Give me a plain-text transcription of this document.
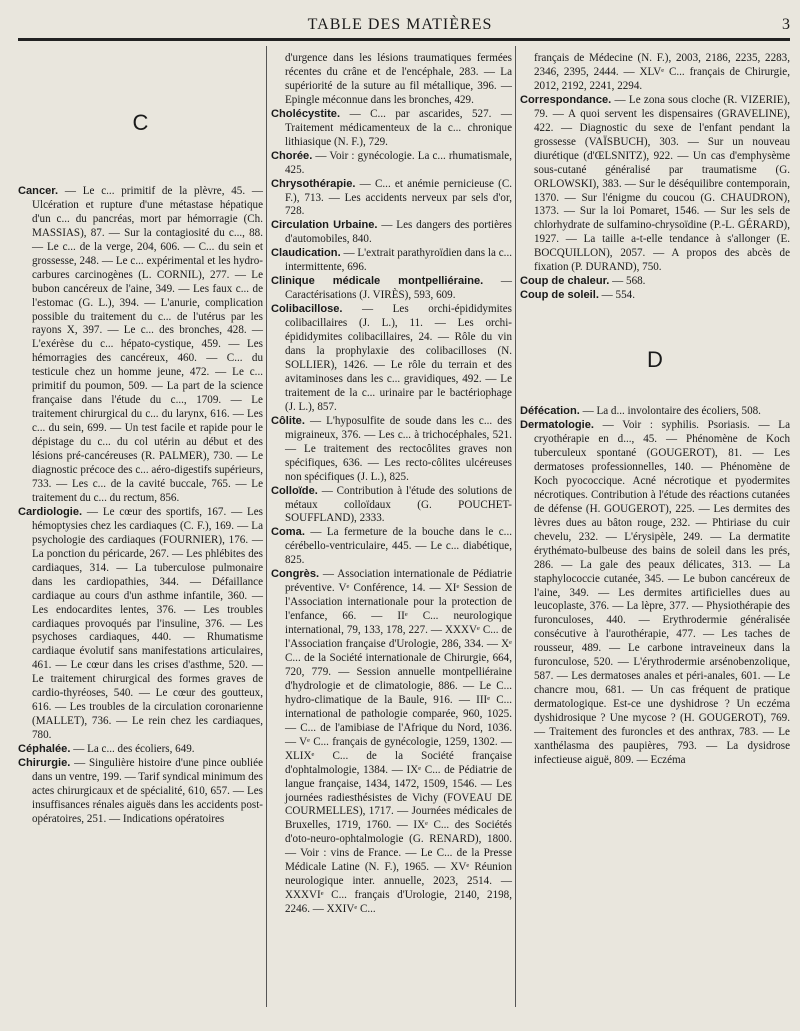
TABLE DES MATIÈRES	3
C

Cancer. — Le c... primitif de la plèvre, 45. — Ulcération et rupture d'une métastase hépatique d'un c... du pancréas, mort par hémorragie (Ch. MASSIAS), 87. — Sur la contagiosité du c..., 88. — Le c... de la verge, 204, 606. — C... du sein et grossesse, 248. — Le c... expérimental et les hydro-carbures carcinogènes (L. CORNIL), 277. — Le bubon cancéreux de l'aine, 349. — Les faux c... de l'estomac (G. L.), 394. — L'anurie, complication possible du traitement du c... de l'utérus par les rayons X, 397. — Le c... des bronches, 428. — L'exérèse du c... hépato-cystique, 459. — Les hémorragies des cancéreux, 460. — C... du testicule chez un homme jeune, 472. — Le c... primitif du poumon, 509. — La part de la science française dans l'étude du c..., 1709. — Le traitement chirurgical du c... du larynx, 616. — Les c... du sein, 699. — Un test facile et rapide pour le dépistage du c... du col utérin au début et des lésions pré-cancéreuses (R. PALMER), 730. — Le diagnostic précoce des c... aéro-digestifs supérieurs, 733. — Les c... de la cavité buccale, 765. — Le traitement du c... du rectum, 856.

Cardiologie. — Le cœur des sportifs, 167. — Les hémoptysies chez les cardiaques (C. F.), 169. — La psychologie des cardiaques (FOURNIER), 176. — La ponction du péricarde, 267. — Les phlébites des cardiaques, 314. — La tuberculose pulmonaire dans les cardiopathies, 344. — Défaillance cardiaque au cours d'un asthme infantile, 360. — Les endocardites lentes, 376. — Les troubles cardiaques provoqués par l'insuline, 376. — Les psychoses cardiaques, 440. — Rhumatisme cardiaque évolutif sans manifestations articulaires, 461. — Le cœur dans les crises d'asthme, 520. — Le traitement chirurgical des formes graves de cardio-thyréoses, 540. — Le cœur des goutteux, 616. — Les troubles de la circulation coronarienne (MALLET), 736. — Le rein chez les cardiaques, 780.

Céphalée. — La c... des écoliers, 649.

Chirurgie. — Singulière histoire d'une pince oubliée dans un ventre, 199. — Tarif syndical minimum des actes chirurgicaux et de spécialité, 610, 657. — Les insuffisances rénales aiguës dans les accidents post-opératoires, 251. — Indications opératoires

d'urgence dans les lésions traumatiques fermées récentes du crâne et de l'encéphale, 283. — La supériorité de la suture au fil métallique, 396. — Epingle méconnue dans les bronches, 429.

Cholécystite. — C... par ascarides, 527. — Traitement médicamenteux de la c... chronique lithiasique (N. F.), 729.

Chorée. — Voir : gynécologie. La c... rhumatismale, 425.

Chrysothérapie. — C... et anémie pernicieuse (C. F.), 713. — Les accidents nerveux par sels d'or, 728.

Circulation Urbaine. — Les dangers des portières d'automobiles, 840.

Claudication. — L'extrait parathyroïdien dans la c... intermittente, 696.

Clinique médicale montpelliéraine. — Caractérisations (J. VIRÈS), 593, 609.

Colibacillose. — Les orchi-épididymites colibacillaires (J. L.), 11. — Les orchi-épididymites colibacillaires, 24. — Rôle du vin dans la prophylaxie des colibacilloses (N. SOLLIER), 1426. — Le rôle du terrain et des avitaminoses dans les c... gravidiques, 492. — Le traitement de la c... urinaire par le bactériophage (J. L.), 857.

Côlite. — L'hyposulfite de soude dans les c... des migraineux, 376. — Les c... à trichocéphales, 521. — Le traitement des rectocôlites graves non spécifiques, 636. — Les recto-côlites ulcéreuses non spécifiques (J. L.), 825.

Colloïde. — Contribution à l'étude des solutions de métaux colloïdaux (G. POUCHET-SOUFFLAND), 2333.

Coma. — La fermeture de la bouche dans le c... cérébello-ventriculaire, 445. — Le c... diabétique, 825.

Congrès. — Association internationale de Pédiatrie préventive. Vᵉ Conférence, 14. — XIᵉ Session de l'Association internationale pour la protection de l'enfance, 66. — IIᵉ C... neurologique international, 79, 133, 178, 227. — XXXVᵉ C... de l'Association française d'Urologie, 286, 334. — Xᵉ C... de la Société internationale de Chirurgie, 664, 720, 779. — Session annuelle montpelliéraine d'hydrologie et de climatologie, 886. — Le C... hydro-climatique de la Baule, 916. — IIIᵉ C... international de pathologie comparée, 960, 1025. — C... de l'amibiase de l'Afrique du Nord, 1036. — Vᵉ C... français de gynécologie, 1259, 1302. — XLIXᵉ C... de la Société française d'ophtalmologie, 1384. — IXᵉ C... de Pédiatrie de langue française, 1434, 1472, 1509, 1546. — Les journées radiesthésistes de Vichy (FOVEAU DE COURMELLES), 1717. — Journées médicales de Bruxelles, 1719, 1760. — IXᵉ C... des Sociétés d'oto-neuro-ophtalmologie (G. RENARD), 1800. — Voir : vins de France. — Le C... de la Presse Médicale Latine (N. F.), 1965. — XVᵉ Réunion neurologique inter. annuelle, 2023, 2514. — XXXVIᵉ C... français d'Urologie, 2140, 2198, 2246. — XXIVᵉ C...

français de Médecine (N. F.), 2003, 2186, 2235, 2283, 2346, 2395, 2444. — XLVᵉ C... français de Chirurgie, 2012, 2192, 2241, 2294.

Correspondance. — Le zona sous cloche (R. VIZERIE), 79. — A quoi servent les dispensaires (GRAVELINE), 422. — Diagnostic du sexe de l'enfant pendant la grossesse (VAÏSBUCH), 303. — Sur un nouveau diurétique (d'ŒLSNITZ), 922. — Un cas d'emphysème sous-cutané généralisé par traumatisme (G. ORLOWSKI), 383. — Sur le déséquilibre contemporain, 1370. — Sur l'énigme du coucou (G. CHAUDRON), 1373. — Sur la loi Pomaret, 1546. — Sur les sels de chlorhydrate de sulfamino-chrysoïdine (P.-L. GÉRARD), 1927. — La taille a-t-elle tendance à s'allonger (E. BOCQUILLON), 2057. — A propos des abcès de fixation (P. DURAND), 750.

Coup de chaleur. — 568.

Coup de soleil. — 554.

D

Défécation. — La d... involontaire des écoliers, 508.

Dermatologie. — Voir : syphilis. Psoriasis. — La cryothérapie en d..., 45. — Phénomène de Koch tuberculeux spontané (GOUGEROT), 81. — Les dermatoses professionnelles, 140. — Phénomène de Koch pyococcique. Acné nécrotique et pyodermites nécrotiques. Contribution à l'étude des réactions cutanées de défense (H. GOUGEROT), 225. — Les dermites des lèvres dues au bâton rouge, 232. — Phtiriase du cuir chevelu, 232. — L'érysipèle, 249. — La dermatite érythémato-bulbeuse des bains de soleil dans les prés, 286. — La gale des peaux délicates, 313. — La staphylococcie cutanée, 345. — Le bubon cancéreux de l'aine, 349. — Les dermites artificielles dues au leucoplaste, 376. — La lèpre, 377. — Physiothérapie des furonculoses, 440. — Erythrodermie généralisée consécutive à l'aurothérapie, 477. — Les taches de rousseur, 489. — Le carbone intraveineux dans la furonculose, 520. — L'érythrodermie arsénobenzolique, 587. — Les dermatoses anales et péri-anales, 601. — Le chancre mou, 681. — Un cas fréquent de pratique dermatologique. Est-ce une dyshidrose ? Un eczéma dyshidrosique ? Une mycose ? (H. GOUGEROT), 769. — Traitement des furoncles et des anthrax, 783. — Le xanthélasma des paupières, 793. — La dysidrose infectieuse aiguë, 809. — Eczéma
